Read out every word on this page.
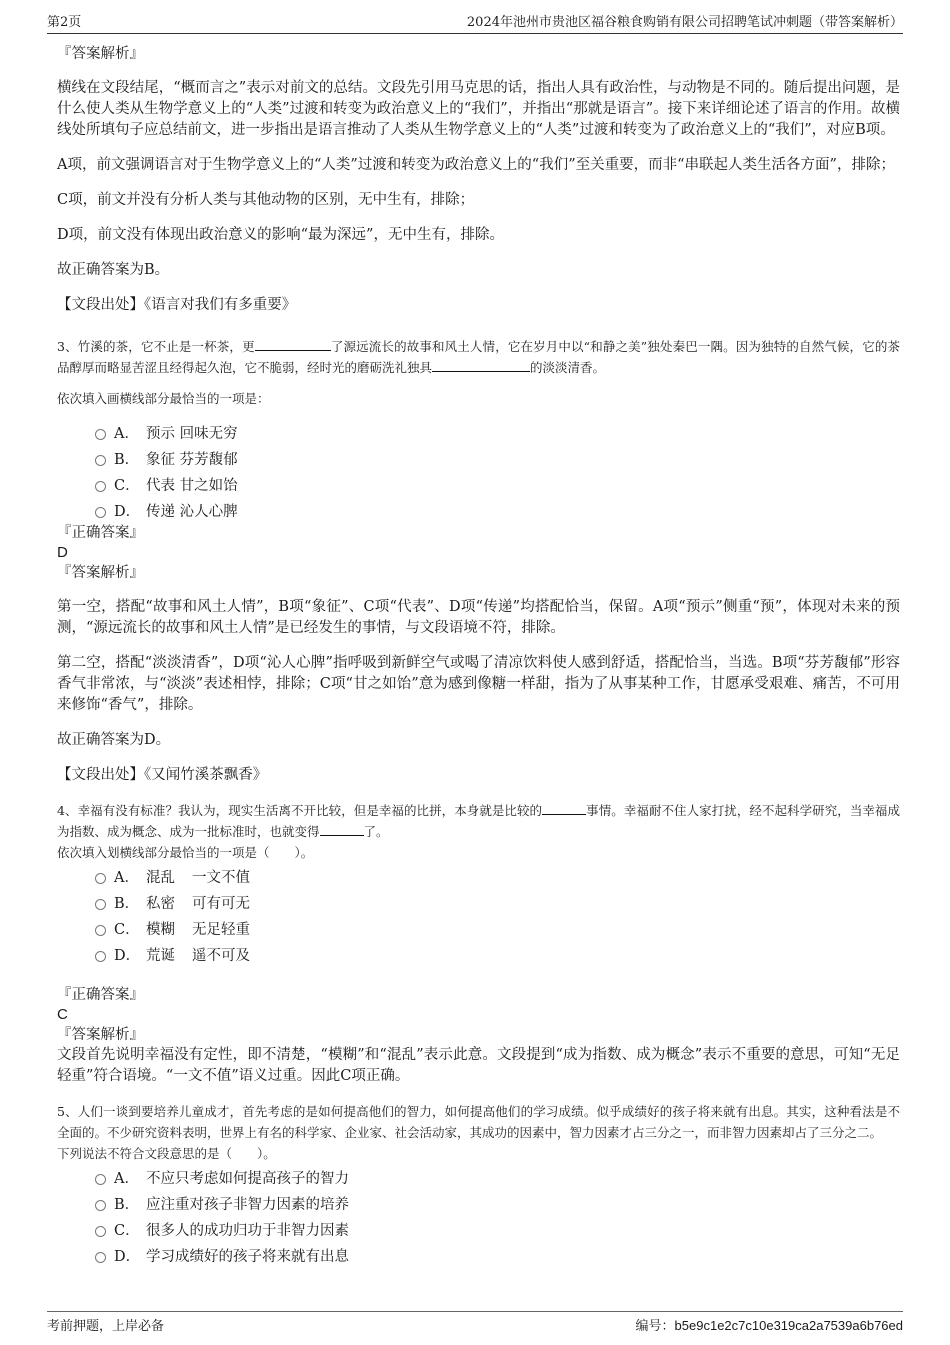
第2页	2024年池州市贵池区福谷粮食购销有限公司招聘笔试冲刺题（带答案解析）
『答案解析』

横线在文段结尾，“概而言之”表示对前文的总结。文段先引用马克思的话，指出人具有政治性，与动物是不同的。随后提出问题，是什么使人类从生物学意义上的“人类”过渡和转变为政治意义上的“我们”，并指出“那就是语言”。接下来详细论述了语言的作用。故横线处所填句子应总结前文，进一步指出是语言推动了人类从生物学意义上的“人类”过渡和转变为了政治意义上的“我们”，对应B项。

A项，前文强调语言对于生物学意义上的“人类”过渡和转变为政治意义上的“我们”至关重要，而非“串联起人类生活各方面”，排除；

C项，前文并没有分析人类与其他动物的区别，无中生有，排除；

D项，前文没有体现出政治意义的影响“最为深远”，无中生有，排除。

故正确答案为B。

【文段出处】《语言对我们有多重要》

3、竹溪的茶，它不止是一杯茶，更	了源远流长的故事和风土人情，它在岁月中以“和静之美”独处秦巴一隅。因为独特的自然气候，它的茶品醇厚而略显苦涩且经得起久泡，它不脆弱，经时光的磨砺洗礼独具	的淡淡清香。

依次填入画横线部分最恰当的一项是：

A． 预示 回味无穷
B． 象征 芬芳馥郁
C． 代表 甘之如饴
D． 传递 沁人心脾
『正确答案』
D
『答案解析』

第一空，搭配“故事和风土人情”，B项“象征”、C项“代表”、D项“传递”均搭配恰当，保留。A项“预示”侧重“预”，体现对未来的预测，“源远流长的故事和风土人情”是已经发生的事情，与文段语境不符，排除。

第二空，搭配“淡淡清香”，D项“沁人心脾”指呼吸到新鲜空气或喝了清凉饮料使人感到舒适，搭配恰当，当选。B项“芬芳馥郁”形容香气非常浓，与“淡淡”表述相悖，排除；C项“甘之如饴”意为感到像糖一样甜，指为了从事某种工作，甘愿承受艰难、痛苦，不可用来修饰“香气”，排除。

故正确答案为D。

【文段出处】《又闻竹溪茶飘香》

4、幸福有没有标准？我认为，现实生活离不开比较，但是幸福的比拼，本身就是比较的	事情。幸福耐不住人家打扰，经不起科学研究，当幸福成为指数、成为概念、成为一批标准时，也就变得	了。

依次填入划横线部分最恰当的一项是（　　）。

A． 混乱	一文不值
B． 私密	可有可无
C． 模糊	无足轻重
D． 荒诞	遥不可及
『正确答案』
C
『答案解析』

文段首先说明幸福没有定性，即不清楚，“模糊”和“混乱”表示此意。文段提到“成为指数、成为概念”表示不重要的意思，可知“无足轻重”符合语境。“一文不值”语义过重。因此C项正确。

5、人们一谈到要培养儿童成才，首先考虑的是如何提高他们的智力，如何提高他们的学习成绩。似乎成绩好的孩子将来就有出息。其实，这种看法是不全面的。不少研究资料表明，世界上有名的科学家、企业家、社会活动家，其成功的因素中，智力因素才占三分之一，而非智力因素却占了三分之二。

下列说法不符合文段意思的是（　　）。

A． 不应只考虑如何提高孩子的智力
B． 应注重对孩子非智力因素的培养
C． 很多人的成功归功于非智力因素
D． 学习成绩好的孩子将来就有出息
考前押题，上岸必备	编号：b5e9c1e2c7c10e319ca2a7539a6b76ed
